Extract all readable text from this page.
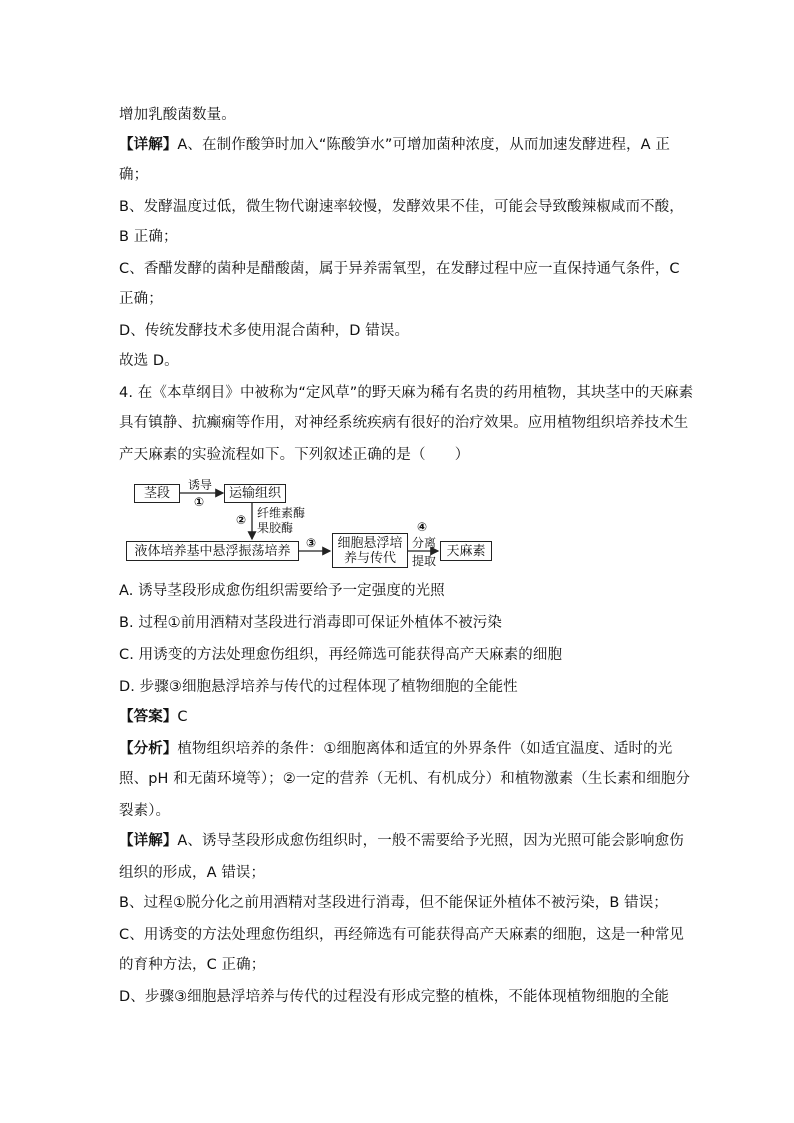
增加乳酸菌数量。
【详解】A、在制作酸笋时加入“陈酸笋水”可增加菌种浓度，从而加速发酵进程，A 正
确；
B、发酵温度过低，微生物代谢速率较慢，发酵效果不佳，可能会导致酸辣椒咸而不酸，
B 正确；
C、香醋发酵的菌种是醋酸菌，属于异养需氧型，在发酵过程中应一直保持通气条件，C
正确；
D、传统发酵技术多使用混合菌种，D 错误。
故选 D。
4. 在《本草纲目》中被称为“定风草”的野天麻为稀有名贵的药用植物，其块茎中的天麻素
具有镇静、抗癫痫等作用，对神经系统疾病有很好的治疗效果。应用植物组织培养技术生
产天麻素的实验流程如下。下列叙述正确的是（　　）
茎段
诱导
①
运输组织
② 纤维素酶
果胶酶
液体培养基中悬浮振荡培养
③ 细胞悬浮培
养与传代
④
分离
提取
天麻素
A. 诱导茎段形成愈伤组织需要给予一定强度的光照
B. 过程①前用酒精对茎段进行消毒即可保证外植体不被污染
C. 用诱变的方法处理愈伤组织，再经筛选可能获得高产天麻素的细胞
D. 步骤③细胞悬浮培养与传代的过程体现了植物细胞的全能性
【答案】C
【分析】植物组织培养的条件：①细胞离体和适宜的外界条件（如适宜温度、适时的光
照、pH 和无菌环境等）；②一定的营养（无机、有机成分）和植物激素（生长素和细胞分
裂素）。
【详解】A、诱导茎段形成愈伤组织时，一般不需要给予光照，因为光照可能会影响愈伤
组织的形成，A 错误；
B、过程①脱分化之前用酒精对茎段进行消毒，但不能保证外植体不被污染，B 错误；
C、用诱变的方法处理愈伤组织，再经筛选有可能获得高产天麻素的细胞，这是一种常见
的育种方法，C 正确；
D、步骤③细胞悬浮培养与传代的过程没有形成完整的植株，不能体现植物细胞的全能
